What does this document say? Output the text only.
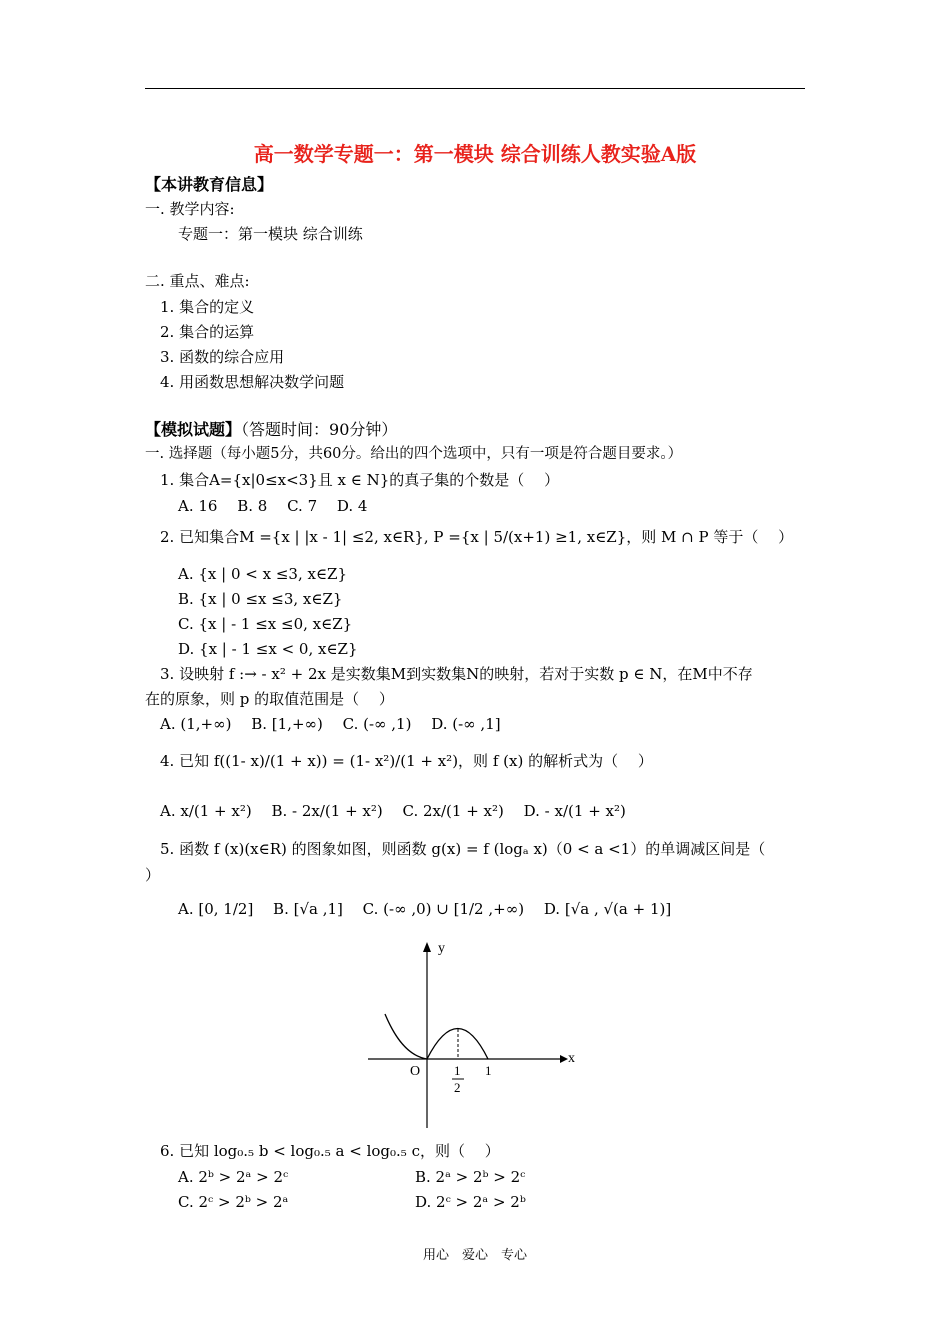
高一数学专题一：第一模块 综合训练人教实验A版
【本讲教育信息】
一. 教学内容:
专题一：第一模块 综合训练
二. 重点、难点:
1. 集合的定义
2. 集合的运算
3. 函数的综合应用
4. 用函数思想解决数学问题
【模拟试题】（答题时间：90分钟）
一. 选择题（每小题5分，共60分。给出的四个选项中，只有一项是符合题目要求。）
1. 集合A={x|0≤x<3}且 x ∈ N}的真子集的个数是（　 ）
A. 16　 B. 8　 C. 7　 D. 4
2. 已知集合M ={x | |x - 1| ≤2, x∈R}, P ={x | 5/(x+1) ≥1, x∈Z}，则 M ∩ P 等于（　 ）
A. {x | 0 < x ≤3, x∈Z}
B. {x | 0 ≤x ≤3, x∈Z}
C. {x | - 1 ≤x ≤0, x∈Z}
D. {x | - 1 ≤x < 0, x∈Z}
3. 设映射 f :→ - x² + 2x 是实数集M到实数集N的映射，若对于实数 p ∈ N，在M中不存
在的原象，则 p 的取值范围是（　 ）
A. (1,+∞)　 B. [1,+∞)　 C. (-∞ ,1)　 D. (-∞ ,1]
4. 已知 f((1- x)/(1 + x)) = (1- x²)/(1 + x²)，则 f (x) 的解析式为（　 ）
A. x/(1 + x²)　 B. - 2x/(1 + x²)　 C. 2x/(1 + x²)　 D. - x/(1 + x²)
5. 函数 f (x)(x∈R) 的图象如图，则函数 g(x) = f (logₐ x)（0 < a <1）的单调减区间是（
）
A. [0, 1/2]　 B. [√a ,1]　 C. (-∞ ,0) ∪ [1/2 ,+∞)　 D. [√a , √(a + 1)]
y
x
O	1
2
1
6. 已知 log₀.₅ b < log₀.₅ a < log₀.₅ c，则（　 ）
A. 2ᵇ > 2ᵃ > 2ᶜ	B. 2ᵃ > 2ᵇ > 2ᶜ
C. 2ᶜ > 2ᵇ > 2ᵃ	D. 2ᶜ > 2ᵃ > 2ᵇ
用心　爱心　专心
